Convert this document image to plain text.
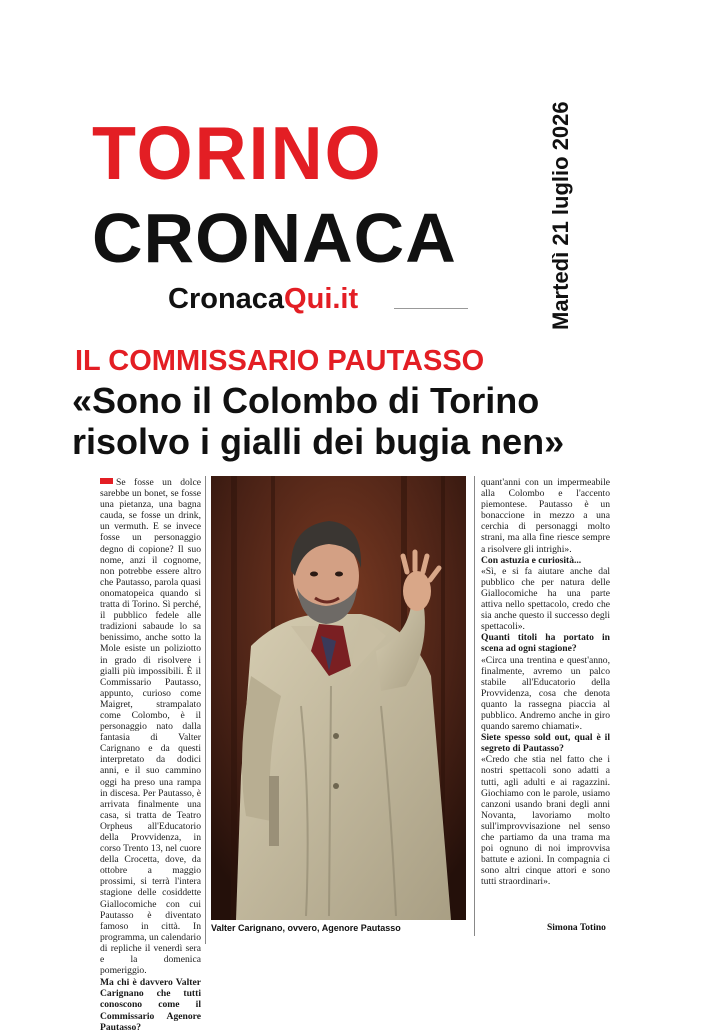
TORINO
CRONACA
CronacaQui.it	Martedì 21 luglio 2026
IL COMMISSARIO PAUTASSO
«Sono il Colombo di Torino
risolvo i gialli dei bugia nen»
Se fosse un dolce sarebbe un bonet, se fosse una pietanza, una bagna cauda, se fosse un drink, un vermuth. E se invece fosse un personaggio degno di copione? Il suo nome, anzi il cognome, non potrebbe essere altro che Pautasso, parola quasi onomatopeica quando si tratta di Torino. Sì perché, il pubblico fedele alle tradizioni sabaude lo sa benissimo, anche sotto la Mole esiste un poliziotto in grado di risolvere i gialli più impossibili. È il Commissario Pautasso, appunto, curioso come Maigret, strampalato come Colombo, è il personaggio nato dalla fantasia di Valter Carignano e da questi interpretato da dodici anni, e il suo cammino oggi ha preso una rampa in discesa. Per Pautasso, è arrivata finalmente una casa, si tratta de Teatro Orpheus all'Educatorio della Provvidenza, in corso Trento 13, nel cuore della Crocetta, dove, da ottobre a maggio prossimi, si terrà l'intera stagione delle cosiddette Giallocomiche con cui Pautasso è diventato famoso in città. In programma, un calendario di repliche il venerdì sera e la domenica pomeriggio.
Ma chi è davvero Valter Carignano che tutti conoscono come il Commissario Agenore Pautasso?
Valter Carignano, ovvero, Agenore Pautasso

quant'anni con un impermeabile alla Colombo e l'accento piemontese. Pautasso è un bonaccione in mezzo a una cerchia di personaggi molto strani, ma alla fine riesce sempre a risolvere gli intrighi».

Con astuzia e curiosità...

«Sì, e si fa aiutare anche dal pubblico che per natura delle Giallocomiche ha una parte attiva nello spettacolo, credo che sia anche questo il successo degli spettacoli».

Quanti titoli ha portato in scena ad ogni stagione?

«Circa una trentina e quest'anno, finalmente, avremo un palco stabile all'Educatorio della Provvidenza, cosa che denota quanto la rassegna piaccia al pubblico. Andremo anche in giro quando saremo chiamati».

Siete spesso sold out, qual è il segreto di Pautasso?

«Credo che stia nel fatto che i nostri spettacoli sono adatti a tutti, agli adulti e ai ragazzini. Giochiamo con le parole, usiamo canzoni usando brani degli anni Novanta, lavoriamo molto sull'improvvisazione nel senso che partiamo da una trama ma poi ognuno di noi improvvisa battute e azioni. In compagnia ci sono altri cinque attori e sono tutti straordinari».

Simona Totino
